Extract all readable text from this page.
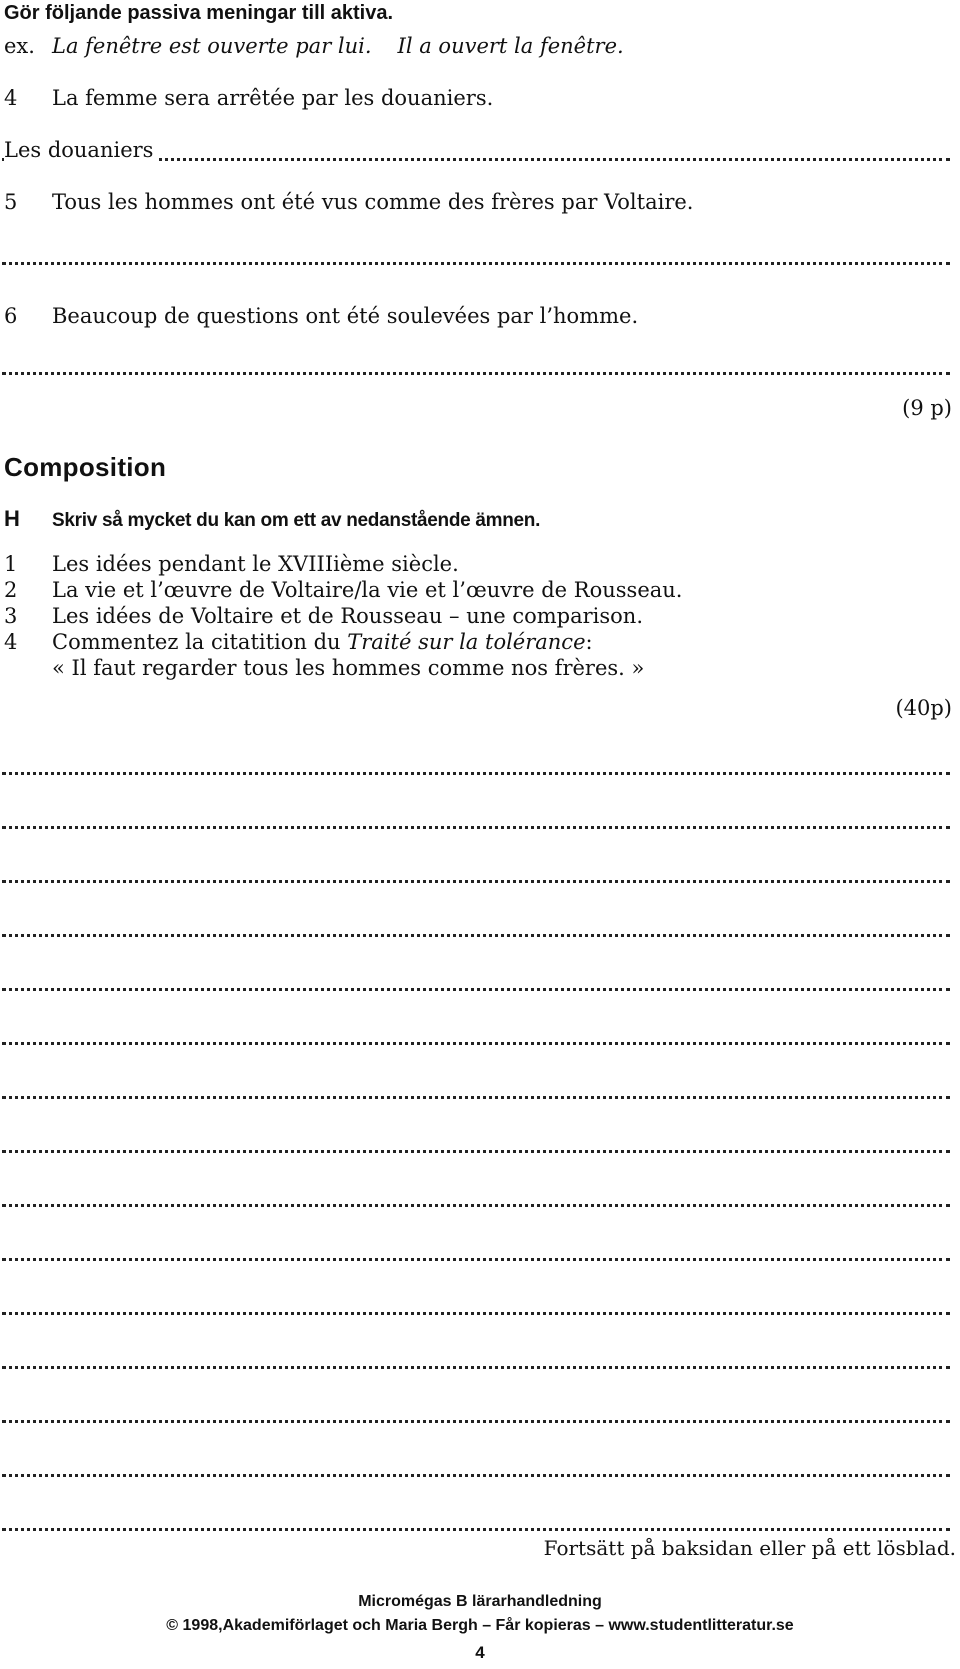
Gör följande passiva meningar till aktiva.
ex. La fenêtre est ouverte par lui. Il a ouvert la fenêtre.
4 La femme sera arrêtée par les douaniers.
Les douaniers
5 Tous les hommes ont été vus comme des frères par Voltaire.
6 Beaucoup de questions ont été soulevées par l’homme.
(9 p)
Composition
H Skriv så mycket du kan om ett av nedanstående ämnen.
1 Les idées pendant le XVIIIième siècle.
2 La vie et l’œuvre de Voltaire/la vie et l’œuvre de Rousseau.
3 Les idées de Voltaire et de Rousseau – une comparison.
4 Commentez la citatition du Traité sur la tolérance:
« Il faut regarder tous les hommes comme nos frères. »
(40p)
Fortsätt på baksidan eller på ett lösblad.
Micromégas B lärarhandledning
© 1998,Akademiförlaget och Maria Bergh – Får kopieras – www.studentlitteratur.se
4
